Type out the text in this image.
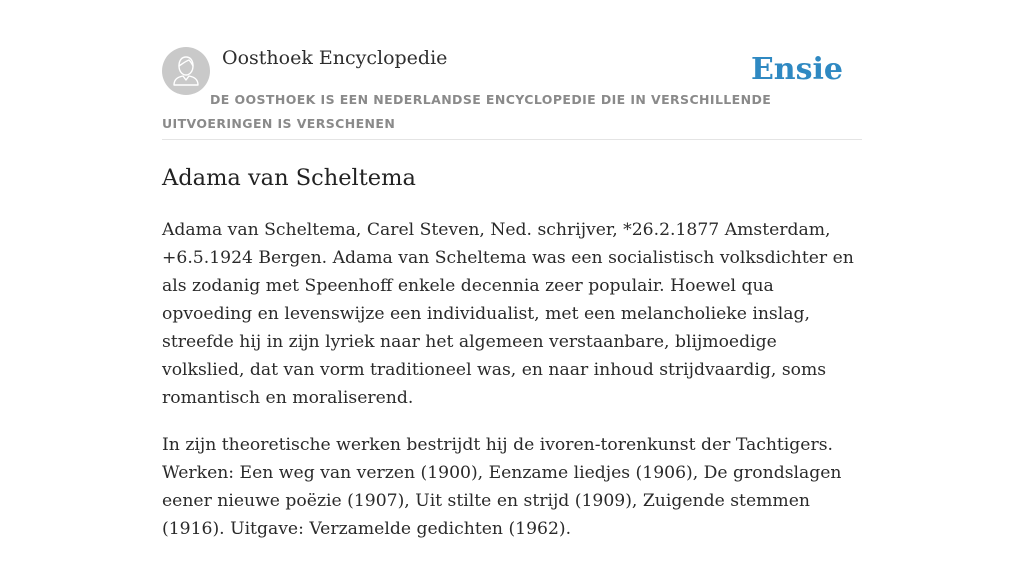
Oosthoek Encyclopedie	Ensie
DE OOSTHOEK IS EEN NEDERLANDSE ENCYCLOPEDIE DIE IN VERSCHILLENDE UITVOERINGEN IS VERSCHENEN
Adama van Scheltema

Adama van Scheltema, Carel Steven, Ned. schrijver, *26.2.1877 Amsterdam, +6.5.1924 Bergen. Adama van Scheltema was een socialistisch volksdichter en als zodanig met Speenhoff enkele decennia zeer populair. Hoewel qua opvoeding en levenswijze een individualist, met een melancholieke inslag, streefde hij in zijn lyriek naar het algemeen verstaanbare, blijmoedige volkslied, dat van vorm traditioneel was, en naar inhoud strijdvaardig, soms romantisch en moraliserend.

In zijn theoretische werken bestrijdt hij de ivoren-torenkunst der Tachtigers. Werken: Een weg van verzen (1900), Eenzame liedjes (1906), De grondslagen eener nieuwe poëzie (1907), Uit stilte en strijd (1909), Zuigende stemmen (1916). Uitgave: Verzamelde gedichten (1962).
